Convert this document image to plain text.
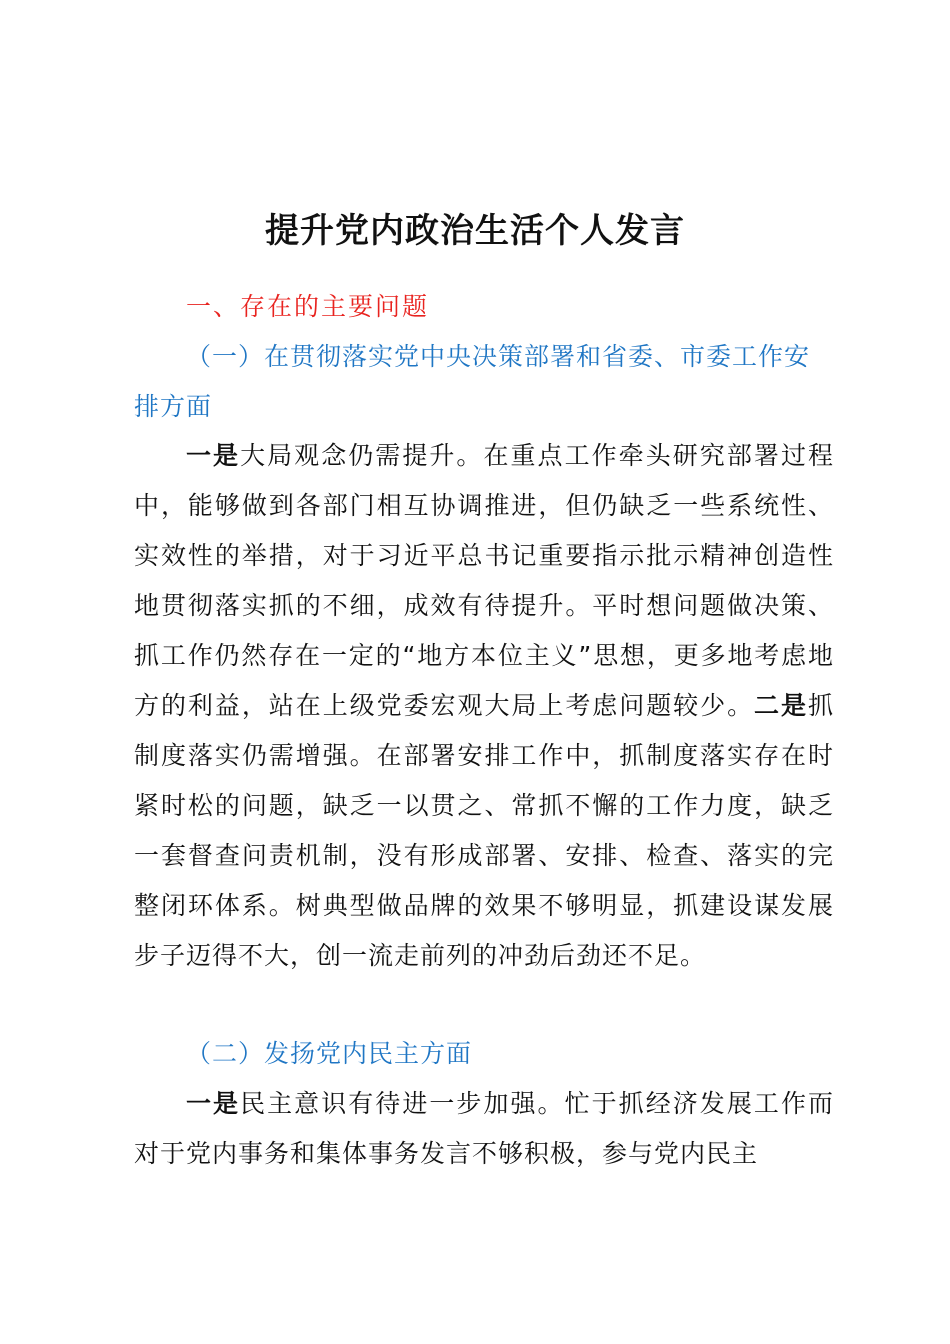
提升党内政治生活个人发言
一、存在的主要问题
（一）在贯彻落实党中央决策部署和省委、市委工作安排方面
一是大局观念仍需提升。在重点工作牵头研究部署过程中，能够做到各部门相互协调推进，但仍缺乏一些系统性、实效性的举措，对于习近平总书记重要指示批示精神创造性地贯彻落实抓的不细，成效有待提升。平时想问题做决策、抓工作仍然存在一定的“地方本位主义”思想，更多地考虑地方的利益，站在上级党委宏观大局上考虑问题较少。二是抓制度落实仍需增强。在部署安排工作中，抓制度落实存在时紧时松的问题，缺乏一以贯之、常抓不懈的工作力度，缺乏一套督查问责机制，没有形成部署、安排、检查、落实的完整闭环体系。树典型做品牌的效果不够明显，抓建设谋发展步子迈得不大，创一流走前列的冲劲后劲还不足。
（二）发扬党内民主方面
一是民主意识有待进一步加强。忙于抓经济发展工作而对于党内事务和集体事务发言不够积极，参与党内民主
